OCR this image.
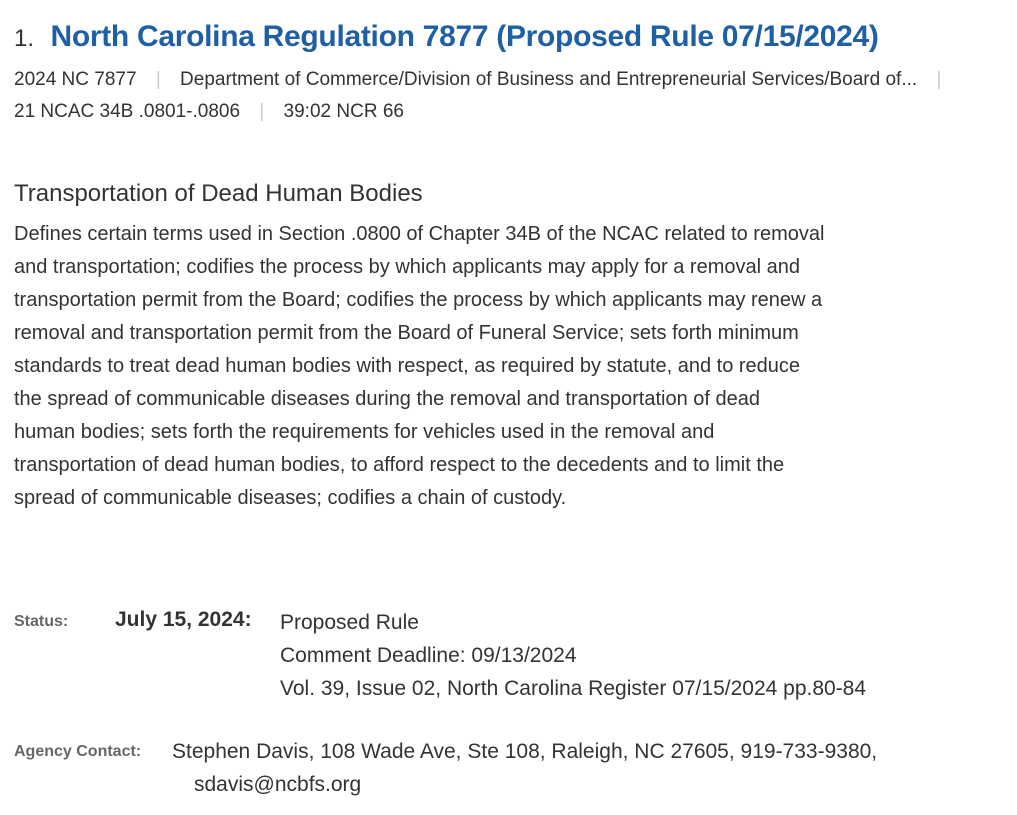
1. North Carolina Regulation 7877 (Proposed Rule 07/15/2024)
2024 NC 7877 | Department of Commerce/Division of Business and Entrepreneurial Services/Board of... |
21 NCAC 34B .0801-.0806 | 39:02 NCR 66
Transportation of Dead Human Bodies

Defines certain terms used in Section .0800 of Chapter 34B of the NCAC related to removal and transportation; codifies the process by which applicants may apply for a removal and transportation permit from the Board; codifies the process by which applicants may renew a removal and transportation permit from the Board of Funeral Service; sets forth minimum standards to treat dead human bodies with respect, as required by statute, and to reduce the spread of communicable diseases during the removal and transportation of dead human bodies; sets forth the requirements for vehicles used in the removal and transportation of dead human bodies, to afford respect to the decedents and to limit the spread of communicable diseases; codifies a chain of custody.

Status: July 15, 2024: Proposed Rule
Comment Deadline: 09/13/2024
Vol. 39, Issue 02, North Carolina Register 07/15/2024 pp.80-84
Agency Contact: Stephen Davis, 108 Wade Ave, Ste 108, Raleigh, NC 27605, 919-733-9380,
sdavis@ncbfs.org
